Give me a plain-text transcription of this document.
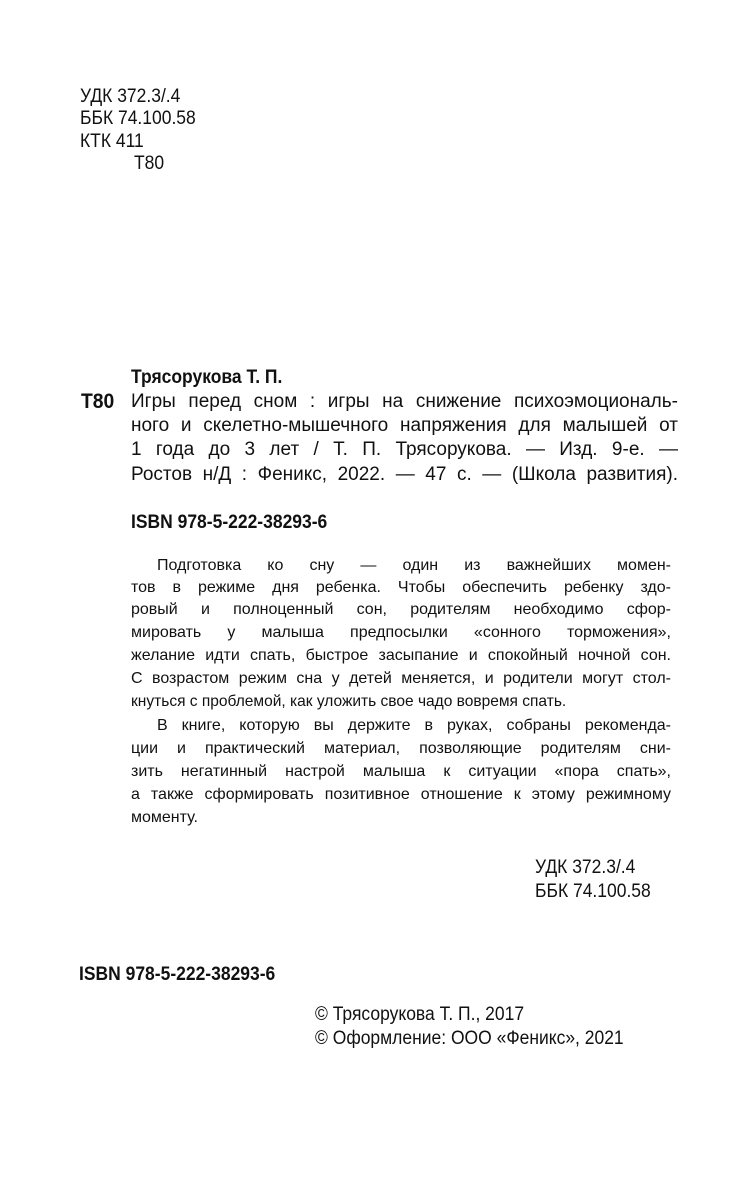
УДК 372.3/.4
ББК 74.100.58
КТК 411
Т80
Трясорукова Т. П.
Т80 Игры перед сном : игры на снижение психоэмоциональ-
ного и скелетно-мышечного напряжения для малышей от
1 года до 3 лет / Т. П. Трясорукова. — Изд. 9-е. —
Ростов н/Д : Феникс, 2022. — 47 с. — (Школа развития).
ISBN 978-5-222-38293-6
Подготовка ко сну — один из важнейших момен-
тов в режиме дня ребенка. Чтобы обеспечить ребенку здо-
ровый и полноценный сон, родителям необходимо сфор-
мировать у малыша предпосылки «сонного торможения»,
желание идти спать, быстрое засыпание и спокойный ночной сон.
С возрастом режим сна у детей меняется, и родители могут стол-
кнуться с проблемой, как уложить свое чадо вовремя спать.
В книге, которую вы держите в руках, собраны рекоменда-
ции и практический материал, позволяющие родителям сни-
зить негатинный настрой малыша к ситуации «пора спать»,
а также сформировать позитивное отношение к этому режимному
моменту.
УДК 372.3/.4
ББК 74.100.58
ISBN 978-5-222-38293-6
© Трясорукова Т. П., 2017
© Оформление: ООО «Феникс», 2021
